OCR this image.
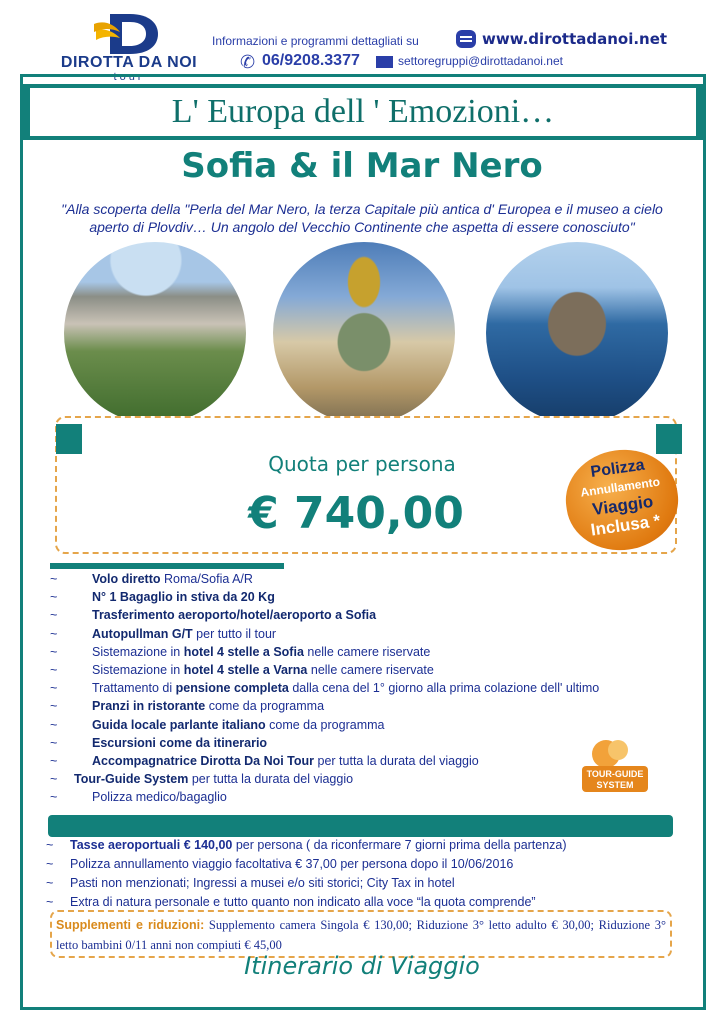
DIROTTA DA NOI
tour
Informazioni e programmi dettagliati su	www.dirottadanoi.net
✆ 06/9208.3377	settoregruppi@dirottadanoi.net
L' Europa dell ' Emozioni…
Sofia & il Mar Nero
"Alla scoperta della "Perla del Mar Nero, la terza Capitale più antica d' Europea e il museo a cielo aperto di Plovdiv… Un angolo del Vecchio Continente che aspetta di essere conosciuto"
Quota per persona
€ 740,00
Polizza
Annullamento
Viaggio
Inclusa *
~	Volo diretto Roma/Sofia A/R
~	N° 1 Bagaglio in stiva da 20 Kg
~	Trasferimento aeroporto/hotel/aeroporto a Sofia
~	Autopullman G/T per tutto il tour
~	Sistemazione in hotel 4 stelle a Sofia nelle camere riservate
~	Sistemazione in hotel 4 stelle a Varna nelle camere riservate
~	Trattamento di pensione completa dalla cena del 1° giorno alla prima colazione dell' ultimo
~	Pranzi in ristorante come da programma
~	Guida locale parlante italiano come da programma
~	Escursioni come da itinerario
~	Accompagnatrice Dirotta Da Noi Tour per tutta la durata del viaggio
~ Tour-Guide System per tutta la durata del viaggio
~	Polizza medico/bagaglio
TOUR-GUIDE
SYSTEM
~ Tasse aeroportuali € 140,00 per persona ( da riconfermare 7 giorni prima della partenza)
~ Polizza annullamento viaggio facoltativa € 37,00 per persona dopo il 10/06/2016
~ Pasti non menzionati; Ingressi a musei e/o siti storici; City Tax in hotel
~ Extra di natura personale e tutto quanto non indicato alla voce “la quota comprende”
Supplementi e riduzioni: Supplemento camera Singola € 130,00; Riduzione 3° letto adulto € 30,00; Riduzione 3° letto bambini 0/11 anni non compiuti € 45,00
Itinerario di Viaggio
